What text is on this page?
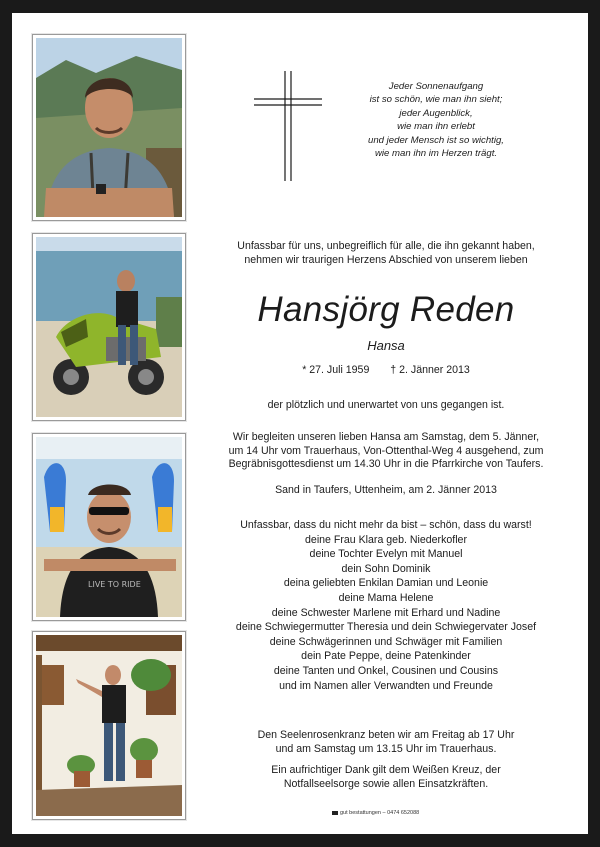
LIVE TO RIDE
Jeder Sonnenaufgang
ist so schön, wie man ihn sieht;
jeder Augenblick,
wie man ihn erlebt
und jeder Mensch ist so wichtig,
wie man ihn im Herzen trägt.
Unfassbar für uns, unbegreiflich für alle, die ihn gekannt haben,
nehmen wir traurigen Herzens Abschied von unserem lieben
Hansjörg Reden
Hansa
* 27. Juli 1959 † 2. Jänner 2013
der plötzlich und unerwartet von uns gegangen ist.
Wir begleiten unseren lieben Hansa am Samstag, dem 5. Jänner,
um 14 Uhr vom Trauerhaus, Von-Ottenthal-Weg 4 ausgehend, zum
Begräbnisgottesdienst um 14.30 Uhr in die Pfarrkirche von Taufers.
Sand in Taufers, Uttenheim, am 2. Jänner 2013
Unfassbar, dass du nicht mehr da bist – schön, dass du warst!
deine Frau Klara geb. Niederkofler
deine Tochter Evelyn mit Manuel
dein Sohn Dominik
deina geliebten Enkilan Damian und Leonie
deine Mama Helene
deine Schwester Marlene mit Erhard und Nadine
deine Schwiegermutter Theresia und dein Schwiegervater Josef
deine Schwägerinnen und Schwäger mit Familien
dein Pate Peppe, deine Patenkinder
deine Tanten und Onkel, Cousinen und Cousins
und im Namen aller Verwandten und Freunde
Den Seelenrosenkranz beten wir am Freitag ab 17 Uhr
und am Samstag um 13.15 Uhr im Trauerhaus.
Ein aufrichtiger Dank gilt dem Weißen Kreuz, der
Notfallseelsorge sowie allen Einsatzkräften.
gut bestattungen – 0474 652088
